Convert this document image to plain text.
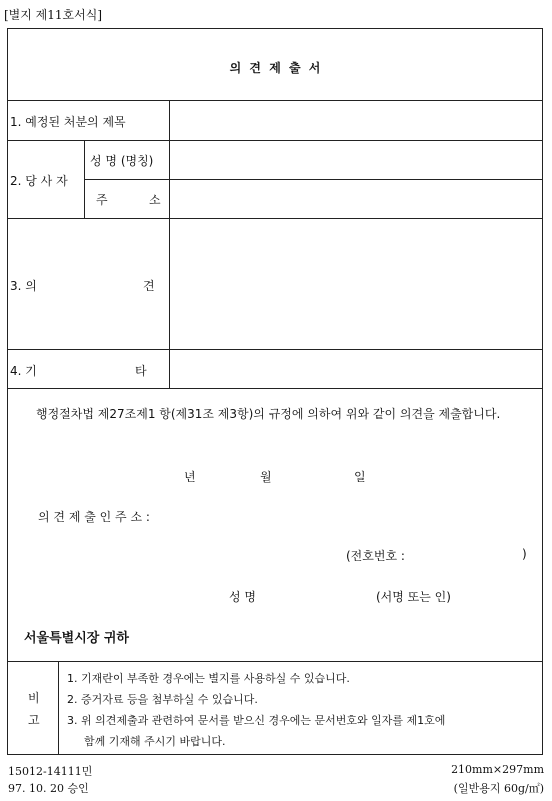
[별지 제11호서식]
의 견 제 출 서
1. 예정된 처분의 제목
2. 당 사 자
성 명 (명칭)
주	소
3. 의	견
4. 기	타
행정절차법 제27조제1 항(제31조 제3항)의 규정에 의하여 위와 같이 의견을 제출합니다.
년	월	일
의 견 제 출 인 주 소 :
(전호번호 :	)
성 명	(서명 또는 인)
서울특별시장 귀하
비
고
1. 기재란이 부족한 경우에는 별지를 사용하실 수 있습니다.
2. 증거자료 등을 첨부하실 수 있습니다.
3. 위 의견제출과 관련하여 문서를 받으신 경우에는 문서번호와 일자를 제1호에
함께 기재해 주시기 바랍니다.
15012-14111민
97. 10. 20 승인
210mm×297mm
(일반용지 60g/㎡)
